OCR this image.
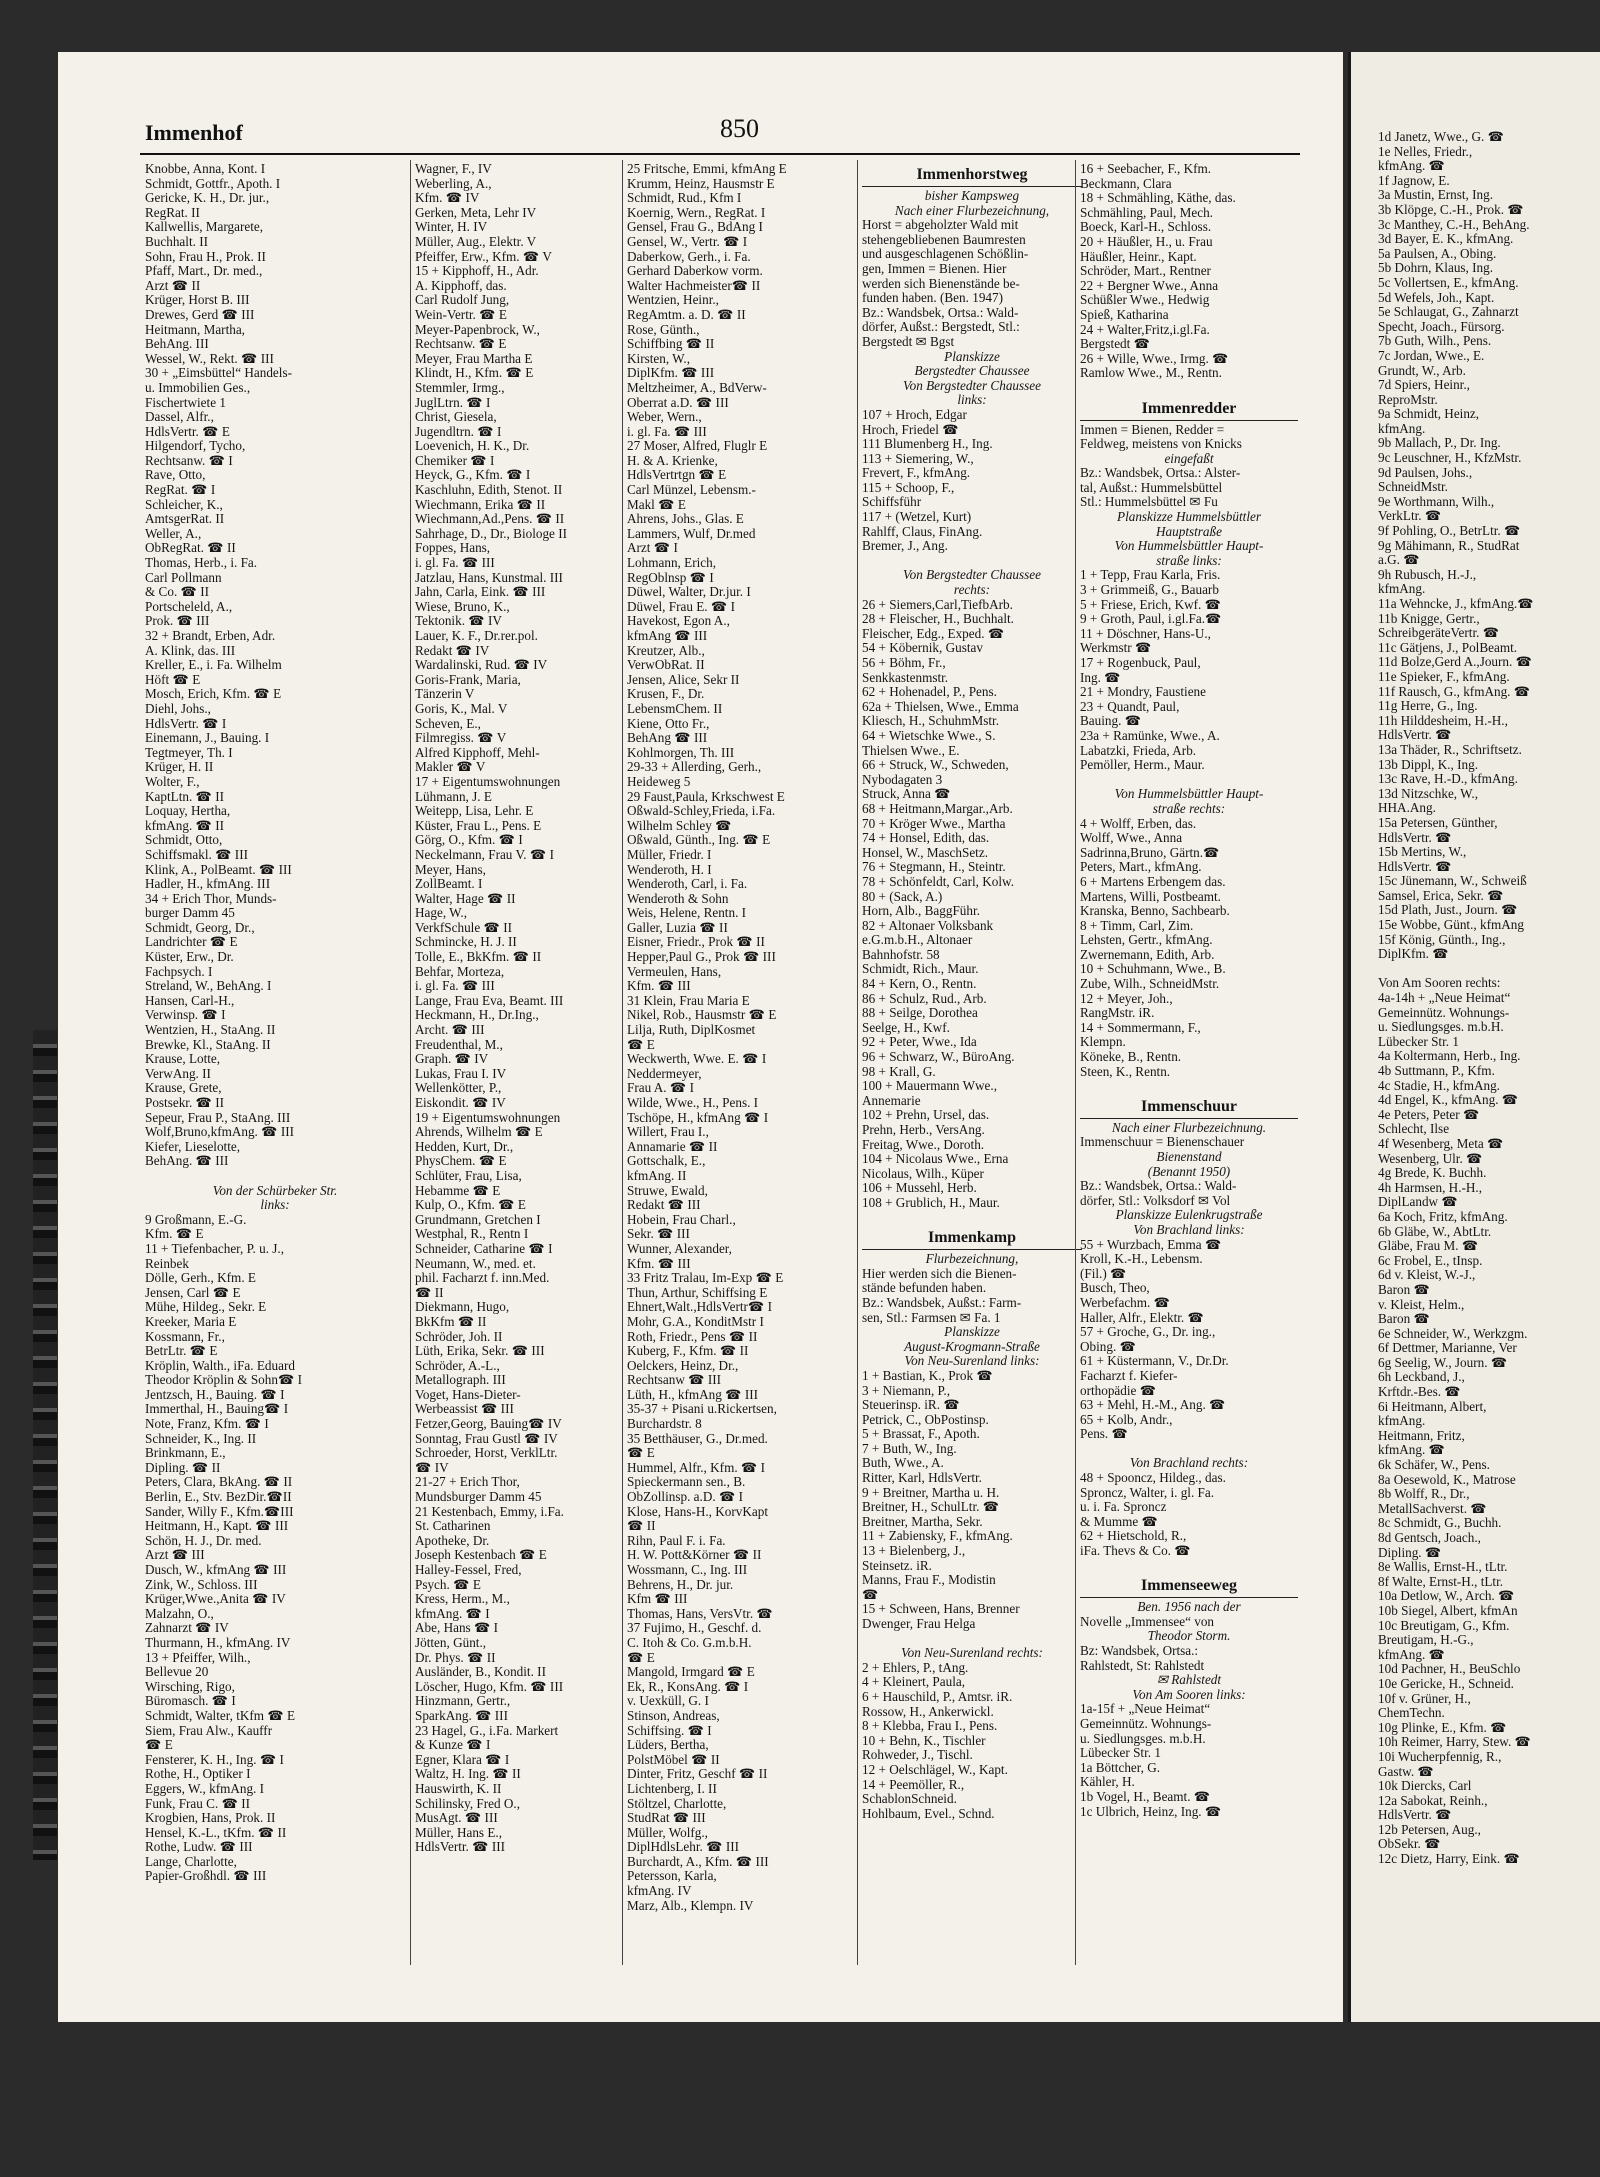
Immenhof	850
Knobbe, Anna, Kont. I
Schmidt, Gottfr., Apoth. I
Gericke, K. H., Dr. jur.,
RegRat. II
Kallwellis, Margarete,
Buchhalt. II
Sohn, Frau H., Prok. II
Pfaff, Mart., Dr. med.,
Arzt ☎ II
Krüger, Horst B. III
Drewes, Gerd ☎ III
Heitmann, Martha,
BehAng. III
Wessel, W., Rekt. ☎ III
30 + „Eimsbüttel“ Handels-
u. Immobilien Ges.,
Fischertwiete 1
Dassel, Alfr.,
HdlsVertr. ☎ E
Hilgendorf, Tycho,
Rechtsanw. ☎ I
Rave, Otto,
RegRat. ☎ I
Schleicher, K.,
AmtsgerRat. II
Weller, A.,
ObRegRat. ☎ II
Thomas, Herb., i. Fa.
Carl Pollmann
& Co. ☎ II
Portscheleld, A.,
Prok. ☎ III
32 + Brandt, Erben, Adr.
A. Klink, das. III
Kreller, E., i. Fa. Wilhelm
Höft ☎ E
Mosch, Erich, Kfm. ☎ E
Diehl, Johs.,
HdlsVertr. ☎ I
Einemann, J., Bauing. I
Tegtmeyer, Th. I
Krüger, H. II
Wolter, F.,
KaptLtn. ☎ II
Loquay, Hertha,
kfmAng. ☎ II
Schmidt, Otto,
Schiffsmakl. ☎ III
Klink, A., PolBeamt. ☎ III
Hadler, H., kfmAng. III
34 + Erich Thor, Munds-
burger Damm 45
Schmidt, Georg, Dr.,
Landrichter ☎ E
Küster, Erw., Dr.
Fachpsych. I
Streland, W., BehAng. I
Hansen, Carl-H.,
Verwinsp. ☎ I
Wentzien, H., StaAng. II
Brewke, Kl., StaAng. II
Krause, Lotte,
VerwAng. II
Krause, Grete,
Postsekr. ☎ II
Sepeur, Frau P., StaAng. III
Wolf,Bruno,kfmAng. ☎ III
Kiefer, Lieselotte,
BehAng. ☎ III

Von der Schürbeker Str.
links:
9 Großmann, E.-G.
Kfm. ☎ E
11 + Tiefenbacher, P. u. J.,
Reinbek
Dölle, Gerh., Kfm. E
Jensen, Carl ☎ E
Mühe, Hildeg., Sekr. E
Kreeker, Maria E
Kossmann, Fr.,
BetrLtr. ☎ E
Kröplin, Walth., iFa. Eduard
Theodor Kröplin & Sohn☎ I
Jentzsch, H., Bauing. ☎ I
Immerthal, H., Bauing☎ I
Note, Franz, Kfm. ☎ I
Schneider, K., Ing. II
Brinkmann, E.,
Dipling. ☎ II
Peters, Clara, BkAng. ☎ II
Berlin, E., Stv. BezDir.☎II
Sander, Willy F., Kfm.☎III
Heitmann, H., Kapt. ☎ III
Schön, H. J., Dr. med.
Arzt ☎ III
Dusch, W., kfmAng ☎ III
Zink, W., Schloss. III
Krüger,Wwe.,Anita ☎ IV
Malzahn, O.,
Zahnarzt ☎ IV
Thurmann, H., kfmAng. IV
13 + Pfeiffer, Wilh.,
Bellevue 20
Wirsching, Rigo,
Büromasch. ☎ I
Schmidt, Walter, tKfm ☎ E
Siem, Frau Alw., Kauffr
☎ E
Fensterer, K. H., Ing. ☎ I
Rothe, H., Optiker I
Eggers, W., kfmAng. I
Funk, Frau C. ☎ II
Krogbien, Hans, Prok. II
Hensel, K.-L., tKfm. ☎ II
Rothe, Ludw. ☎ III
Lange, Charlotte,
Papier-Großhdl. ☎ III
Wagner, F., IV
Weberling, A.,
Kfm. ☎ IV
Gerken, Meta, Lehr IV
Winter, H. IV
Müller, Aug., Elektr. V
Pfeiffer, Erw., Kfm. ☎ V
15 + Kipphoff, H., Adr.
A. Kipphoff, das.
Carl Rudolf Jung,
Wein-Vertr. ☎ E
Meyer-Papenbrock, W.,
Rechtsanw. ☎ E
Meyer, Frau Martha E
Klindt, H., Kfm. ☎ E
Stemmler, Irmg.,
JuglLtrn. ☎ I
Christ, Giesela,
Jugendltrn. ☎ I
Loevenich, H. K., Dr.
Chemiker ☎ I
Heyck, G., Kfm. ☎ I
Kaschluhn, Edith, Stenot. II
Wiechmann, Erika ☎ II
Wiechmann,Ad.,Pens. ☎ II
Sahrhage, D., Dr., Biologe II
Foppes, Hans,
i. gl. Fa. ☎ III
Jatzlau, Hans, Kunstmal. III
Jahn, Carla, Eink. ☎ III
Wiese, Bruno, K.,
Tektonik. ☎ IV
Lauer, K. F., Dr.rer.pol.
Redakt ☎ IV
Wardalinski, Rud. ☎ IV
Goris-Frank, Maria,
Tänzerin V
Goris, K., Mal. V
Scheven, E.,
Filmregiss. ☎ V
Alfred Kipphoff, Mehl-
Makler ☎ V
17 + Eigentumswohnungen
Lühmann, J. E
Weitepp, Lisa, Lehr. E
Küster, Frau L., Pens. E
Görg, O., Kfm. ☎ I
Neckelmann, Frau V. ☎ I
Meyer, Hans,
ZollBeamt. I
Walter, Hage ☎ II
Hage, W.,
VerkfSchule ☎ II
Schmincke, H. J. II
Tolle, E., BkKfm. ☎ II
Behfar, Morteza,
i. gl. Fa. ☎ III
Lange, Frau Eva, Beamt. III
Heckmann, H., Dr.Ing.,
Archt. ☎ III
Freudenthal, M.,
Graph. ☎ IV
Lukas, Frau I. IV
Wellenkötter, P.,
Eiskondit. ☎ IV
19 + Eigentumswohnungen
Ahrends, Wilhelm ☎ E
Hedden, Kurt, Dr.,
PhysChem. ☎ E
Schlüter, Frau, Lisa,
Hebamme ☎ E
Kulp, O., Kfm. ☎ E
Grundmann, Gretchen I
Westphal, R., Rentn I
Schneider, Catharine ☎ I
Neumann, W., med. et.
phil. Facharzt f. inn.Med.
☎ II
Diekmann, Hugo,
BkKfm ☎ II
Schröder, Joh. II
Lüth, Erika, Sekr. ☎ III
Schröder, A.-L.,
Metallograph. III
Voget, Hans-Dieter-
Werbeassist ☎ III
Fetzer,Georg, Bauing☎ IV
Sonntag, Frau Gustl ☎ IV
Schroeder, Horst, VerklLtr.
☎ IV
21-27 + Erich Thor,
Mundsburger Damm 45
21 Kestenbach, Emmy, i.Fa.
St. Catharinen
Apotheke, Dr.
Joseph Kestenbach ☎ E
Halley-Fessel, Fred,
Psych. ☎ E
Kress, Herm., M.,
kfmAng. ☎ I
Abe, Hans ☎ I
Jötten, Günt.,
Dr. Phys. ☎ II
Ausländer, B., Kondit. II
Löscher, Hugo, Kfm. ☎ III
Hinzmann, Gertr.,
SparkAng. ☎ III
23 Hagel, G., i.Fa. Markert
& Kunze ☎ I
Egner, Klara ☎ I
Waltz, H. Ing. ☎ II
Hauswirth, K. II
Schilinsky, Fred O.,
MusAgt. ☎ III
Müller, Hans E.,
HdlsVertr. ☎ III
25 Fritsche, Emmi, kfmAng E
Krumm, Heinz, Hausmstr E
Schmidt, Rud., Kfm I
Koernig, Wern., RegRat. I
Gensel, Frau G., BdAng I
Gensel, W., Vertr. ☎ I
Daberkow, Gerh., i. Fa.
Gerhard Daberkow vorm.
Walter Hachmeister☎ II
Wentzien, Heinr.,
RegAmtm. a. D. ☎ II
Rose, Günth.,
Schiffbing ☎ II
Kirsten, W.,
DiplKfm. ☎ III
Meltzheimer, A., BdVerw-
Oberrat a.D. ☎ III
Weber, Wern.,
i. gl. Fa. ☎ III
27 Moser, Alfred, Fluglr E
H. & A. Krienke,
HdlsVertrtgn ☎ E
Carl Münzel, Lebensm.-
Makl ☎ E
Ahrens, Johs., Glas. E
Lammers, Wulf, Dr.med
Arzt ☎ I
Lohmann, Erich,
RegOblnsp ☎ I
Düwel, Walter, Dr.jur. I
Düwel, Frau E. ☎ I
Havekost, Egon A.,
kfmAng ☎ III
Kreutzer, Alb.,
VerwObRat. II
Jensen, Alice, Sekr II
Krusen, F., Dr.
LebensmChem. II
Kiene, Otto Fr.,
BehAng ☎ III
Kohlmorgen, Th. III
29-33 + Allerding, Gerh.,
Heideweg 5
29 Faust,Paula, Krkschwest E
Oßwald-Schley,Frieda, i.Fa.
Wilhelm Schley ☎
Oßwald, Günth., Ing. ☎ E
Müller, Friedr. I
Wenderoth, H. I
Wenderoth, Carl, i. Fa.
Wenderoth & Sohn
Weis, Helene, Rentn. I
Galler, Luzia ☎ II
Eisner, Friedr., Prok ☎ II
Hepper,Paul G., Prok ☎ III
Vermeulen, Hans,
Kfm. ☎ III
31 Klein, Frau Maria E
Nikel, Rob., Hausmstr ☎ E
Lilja, Ruth, DiplKosmet
☎ E
Weckwerth, Wwe. E. ☎ I
Neddermeyer,
Frau A. ☎ I
Wilde, Wwe., H., Pens. I
Tschöpe, H., kfmAng ☎ I
Willert, Frau I.,
Annamarie ☎ II
Gottschalk, E.,
kfmAng. II
Struwe, Ewald,
Redakt ☎ III
Hobein, Frau Charl.,
Sekr. ☎ III
Wunner, Alexander,
Kfm. ☎ III
33 Fritz Tralau, Im-Exp ☎ E
Thun, Arthur, Schiffsing E
Ehnert,Walt.,HdlsVertr☎ I
Mohr, G.A., KonditMstr I
Roth, Friedr., Pens ☎ II
Kuberg, F., Kfm. ☎ II
Oelckers, Heinz, Dr.,
Rechtsanw ☎ III
Lüth, H., kfmAng ☎ III
35-37 + Pisani u.Rickertsen,
Burchardstr. 8
35 Betthäuser, G., Dr.med.
☎ E
Hummel, Alfr., Kfm. ☎ I
Spieckermann sen., B.
ObZollinsp. a.D. ☎ I
Klose, Hans-H., KorvKapt
☎ II
Rihn, Paul F. i. Fa.
H. W. Pott&Körner ☎ II
Wossmann, C., Ing. III
Behrens, H., Dr. jur.
Kfm ☎ III
Thomas, Hans, VersVtr. ☎
37 Fujimo, H., Geschf. d.
C. Itoh & Co. G.m.b.H.
☎ E
Mangold, Irmgard ☎ E
Ek, R., KonsAng. ☎ I
v. Uexküll, G. I
Stinson, Andreas,
Schiffsing. ☎ I
Lüders, Bertha,
PolstMöbel ☎ II
Dinter, Fritz, Geschf ☎ II
Lichtenberg, I. II
Stöltzel, Charlotte,
StudRat ☎ III
Müller, Wolfg.,
DiplHdlsLehr. ☎ III
Burchardt, A., Kfm. ☎ III
Petersson, Karla,
kfmAng. IV
Marz, Alb., Klempn. IV
Immenhorstweg
bisher Kampsweg
Nach einer Flurbezeichnung,
Horst = abgeholzter Wald mit
stehengebliebenen Baumresten
und ausgeschlagenen Schößlin-
gen, Immen = Bienen. Hier
werden sich Bienenstände be-
funden haben. (Ben. 1947)
Bz.: Wandsbek, Ortsa.: Wald-
dörfer, Außst.: Bergstedt, Stl.:
Bergstedt ✉ Bgst
Planskizze
Bergstedter Chaussee
Von Bergstedter Chaussee
links:
107 + Hroch, Edgar
Hroch, Friedel ☎
111 Blumenberg H., Ing.
113 + Siemering, W.,
Frevert, F., kfmAng.
115 + Schoop, F.,
Schiffsführ
117 + (Wetzel, Kurt)
Rahlff, Claus, FinAng.
Bremer, J., Ang.

Von Bergstedter Chaussee
rechts:
26 + Siemers,Carl,TiefbArb.
28 + Fleischer, H., Buchhalt.
Fleischer, Edg., Exped. ☎
54 + Köbernik, Gustav
56 + Böhm, Fr.,
Senkkastenmstr.
62 + Hohenadel, P., Pens.
62a + Thielsen, Wwe., Emma
Kliesch, H., SchuhmMstr.
64 + Wietschke Wwe., S.
Thielsen Wwe., E.
66 + Struck, W., Schweden,
Nybodagaten 3
Struck, Anna ☎
68 + Heitmann,Margar.,Arb.
70 + Kröger Wwe., Martha
74 + Honsel, Edith, das.
Honsel, W., MaschSetz.
76 + Stegmann, H., Steintr.
78 + Schönfeldt, Carl, Kolw.
80 + (Sack, A.)
Horn, Alb., BaggFühr.
82 + Altonaer Volksbank
e.G.m.b.H., Altonaer
Bahnhofstr. 58
Schmidt, Rich., Maur.
84 + Kern, O., Rentn.
86 + Schulz, Rud., Arb.
88 + Seilge, Dorothea
Seelge, H., Kwf.
92 + Peter, Wwe., Ida
96 + Schwarz, W., BüroAng.
98 + Krall, G.
100 + Mauermann Wwe.,
Annemarie
102 + Prehn, Ursel, das.
Prehn, Herb., VersAng.
Freitag, Wwe., Doroth.
104 + Nicolaus Wwe., Erna
Nicolaus, Wilh., Küper
106 + Mussehl, Herb.
108 + Grublich, H., Maur.

Immenkamp
Flurbezeichnung,
Hier werden sich die Bienen-
stände befunden haben.
Bz.: Wandsbek, Außst.: Farm-
sen, Stl.: Farmsen ✉ Fa. 1
Planskizze
August-Krogmann-Straße
Von Neu-Surenland links:
1 + Bastian, K., Prok ☎
3 + Niemann, P.,
Steuerinsp. iR. ☎
Petrick, C., ObPostinsp.
5 + Brassat, F., Apoth.
7 + Buth, W., Ing.
Buth, Wwe., A.
Ritter, Karl, HdlsVertr.
9 + Breitner, Martha u. H.
Breitner, H., SchulLtr. ☎
Breitner, Martha, Sekr.
11 + Zabiensky, F., kfmAng.
13 + Bielenberg, J.,
Steinsetz. iR.
Manns, Frau F., Modistin
☎
15 + Schween, Hans, Brenner
Dwenger, Frau Helga

Von Neu-Surenland rechts:
2 + Ehlers, P., tAng.
4 + Kleinert, Paula,
6 + Hauschild, P., Amtsr. iR.
Rossow, H., Ankerwickl.
8 + Klebba, Frau I., Pens.
10 + Behn, K., Tischler
Rohweder, J., Tischl.
12 + Oelschlägel, W., Kapt.
14 + Peemöller, R.,
SchablonSchneid.
Hohlbaum, Evel., Schnd.
16 + Seebacher, F., Kfm.
Beckmann, Clara
18 + Schmähling, Käthe, das.
Schmähling, Paul, Mech.
Boeck, Karl-H., Schloss.
20 + Häußler, H., u. Frau
Häußler, Heinr., Kapt.
Schröder, Mart., Rentner
22 + Bergner Wwe., Anna
Schüßler Wwe., Hedwig
Spieß, Katharina
24 + Walter,Fritz,i.gl.Fa.
Bergstedt ☎
26 + Wille, Wwe., Irmg. ☎
Ramlow Wwe., M., Rentn.

Immenredder
Immen = Bienen, Redder =
Feldweg, meistens von Knicks
eingefaßt
Bz.: Wandsbek, Ortsa.: Alster-
tal, Außst.: Hummelsbüttel
Stl.: Hummelsbüttel ✉ Fu
Planskizze Hummelsbüttler
Hauptstraße
Von Hummelsbüttler Haupt-
straße links:
1 + Tepp, Frau Karla, Fris.
3 + Grimmeiß, G., Bauarb
5 + Friese, Erich, Kwf. ☎
9 + Groth, Paul, i.gl.Fa.☎
11 + Döschner, Hans-U.,
Werkmstr ☎
17 + Rogenbuck, Paul,
Ing. ☎
21 + Mondry, Faustiene
23 + Quandt, Paul,
Bauing. ☎
23a + Ramünke, Wwe., A.
Labatzki, Frieda, Arb.
Pemöller, Herm., Maur.

Von Hummelsbüttler Haupt-
straße rechts:
4 + Wolff, Erben, das.
Wolff, Wwe., Anna
Sadrinna,Bruno, Gärtn.☎
Peters, Mart., kfmAng.
6 + Martens Erbengem das.
Martens, Willi, Postbeamt.
Kranska, Benno, Sachbearb.
8 + Timm, Carl, Zim.
Lehsten, Gertr., kfmAng.
Zwernemann, Edith, Arb.
10 + Schuhmann, Wwe., B.
Zube, Wilh., SchneidMstr.
12 + Meyer, Joh.,
RangMstr. iR.
14 + Sommermann, F.,
Klempn.
Köneke, B., Rentn.
Steen, K., Rentn.

Immenschuur
Nach einer Flurbezeichnung.
Immenschuur = Bienenschauer
Bienenstand
(Benannt 1950)
Bz.: Wandsbek, Ortsa.: Wald-
dörfer, Stl.: Volksdorf ✉ Vol
Planskizze Eulenkrugstraße
Von Brachland links:
55 + Wurzbach, Emma ☎
Kroll, K.-H., Lebensm.
(Fil.) ☎
Busch, Theo,
Werbefachm. ☎
Haller, Alfr., Elektr. ☎
57 + Groche, G., Dr. ing.,
Obing. ☎
61 + Küstermann, V., Dr.Dr.
Facharzt f. Kiefer-
orthopädie ☎
63 + Mehl, H.-M., Ang. ☎
65 + Kolb, Andr.,
Pens. ☎

Von Brachland rechts:
48 + Spooncz, Hildeg., das.
Sproncz, Walter, i. gl. Fa.
u. i. Fa. Sproncz
& Mumme ☎
62 + Hietschold, R.,
iFa. Thevs & Co. ☎

Immenseeweg
Ben. 1956 nach der
Novelle „Immensee“ von
Theodor Storm.
Bz: Wandsbek, Ortsa.:
Rahlstedt, St: Rahlstedt
✉ Rahlstedt
Von Am Sooren links:
1a-15f + „Neue Heimat“
Gemeinnütz. Wohnungs-
u. Siedlungsges. m.b.H.
Lübecker Str. 1
1a Böttcher, G.
Kähler, H.
1b Vogel, H., Beamt. ☎
1c Ulbrich, Heinz, Ing. ☎
1d Janetz, Wwe., G. ☎
1e Nelles, Friedr.,
kfmAng. ☎
1f Jagnow, E.
3a Mustin, Ernst, Ing.
3b Klöpge, C.-H., Prok. ☎
3c Manthey, C.-H., BehAng.
3d Bayer, E. K., kfmAng.
5a Paulsen, A., Obing.
5b Dohrn, Klaus, Ing.
5c Vollertsen, E., kfmAng.
5d Wefels, Joh., Kapt.
5e Schlaugat, G., Zahnarzt
Specht, Joach., Fürsorg.
7b Guth, Wilh., Pens.
7c Jordan, Wwe., E.
Grundt, W., Arb.
7d Spiers, Heinr.,
ReproMstr.
9a Schmidt, Heinz,
kfmAng.
9b Mallach, P., Dr. Ing.
9c Leuschner, H., KfzMstr.
9d Paulsen, Johs.,
SchneidMstr.
9e Worthmann, Wilh.,
VerkLtr. ☎
9f Pohling, O., BetrLtr. ☎
9g Mähimann, R., StudRat
a.G. ☎
9h Rubusch, H.-J.,
kfmAng.
11a Wehncke, J., kfmAng.☎
11b Knigge, Gertr.,
SchreibgeräteVertr. ☎
11c Gätjens, J., PolBeamt.
11d Bolze,Gerd A.,Journ. ☎
11e Spieker, F., kfmAng.
11f Rausch, G., kfmAng. ☎
11g Herre, G., Ing.
11h Hilddesheim, H.-H.,
HdlsVertr. ☎
13a Thäder, R., Schriftsetz.
13b Dippl, K., Ing.
13c Rave, H.-D., kfmAng.
13d Nitzschke, W.,
HHA.Ang.
15a Petersen, Günther,
HdlsVertr. ☎
15b Mertins, W.,
HdlsVertr. ☎
15c Jünemann, W., Schweiß
Samsel, Erica, Sekr. ☎
15d Plath, Just., Journ. ☎
15e Wobbe, Günt., kfmAng
15f König, Günth., Ing.,
DiplKfm. ☎

Von Am Sooren rechts:
4a-14h + „Neue Heimat“
Gemeinnütz. Wohnungs-
u. Siedlungsges. m.b.H.
Lübecker Str. 1
4a Koltermann, Herb., Ing.
4b Suttmann, P., Kfm.
4c Stadie, H., kfmAng.
4d Engel, K., kfmAng. ☎
4e Peters, Peter ☎
Schlecht, Ilse
4f Wesenberg, Meta ☎
Wesenberg, Ulr. ☎
4g Brede, K. Buchh.
4h Harmsen, H.-H.,
DiplLandw ☎
6a Koch, Fritz, kfmAng.
6b Gläbe, W., AbtLtr.
Gläbe, Frau M. ☎
6c Frobel, E., tInsp.
6d v. Kleist, W.-J.,
Baron ☎
v. Kleist, Helm.,
Baron ☎
6e Schneider, W., Werkzgm.
6f Dettmer, Marianne, Ver
6g Seelig, W., Journ. ☎
6h Leckband, J.,
Krftdr.-Bes. ☎
6i Heitmann, Albert,
kfmAng.
Heitmann, Fritz,
kfmAng. ☎
6k Schäfer, W., Pens.
8a Oesewold, K., Matrose
8b Wolff, R., Dr.,
MetallSachverst. ☎
8c Schmidt, G., Buchh.
8d Gentsch, Joach.,
Dipling. ☎
8e Wallis, Ernst-H., tLtr.
8f Walte, Ernst-H., tLtr.
10a Detlow, W., Arch. ☎
10b Siegel, Albert, kfmAn
10c Breutigam, G., Kfm.
Breutigam, H.-G.,
kfmAng. ☎
10d Pachner, H., BeuSchlo
10e Gericke, H., Schneid.
10f v. Grüner, H.,
ChemTechn.
10g Plinke, E., Kfm. ☎
10h Reimer, Harry, Stew. ☎
10i Wucherpfennig, R.,
Gastw. ☎
10k Diercks, Carl
12a Sabokat, Reinh.,
HdlsVertr. ☎
12b Petersen, Aug.,
ObSekr. ☎
12c Dietz, Harry, Eink. ☎
